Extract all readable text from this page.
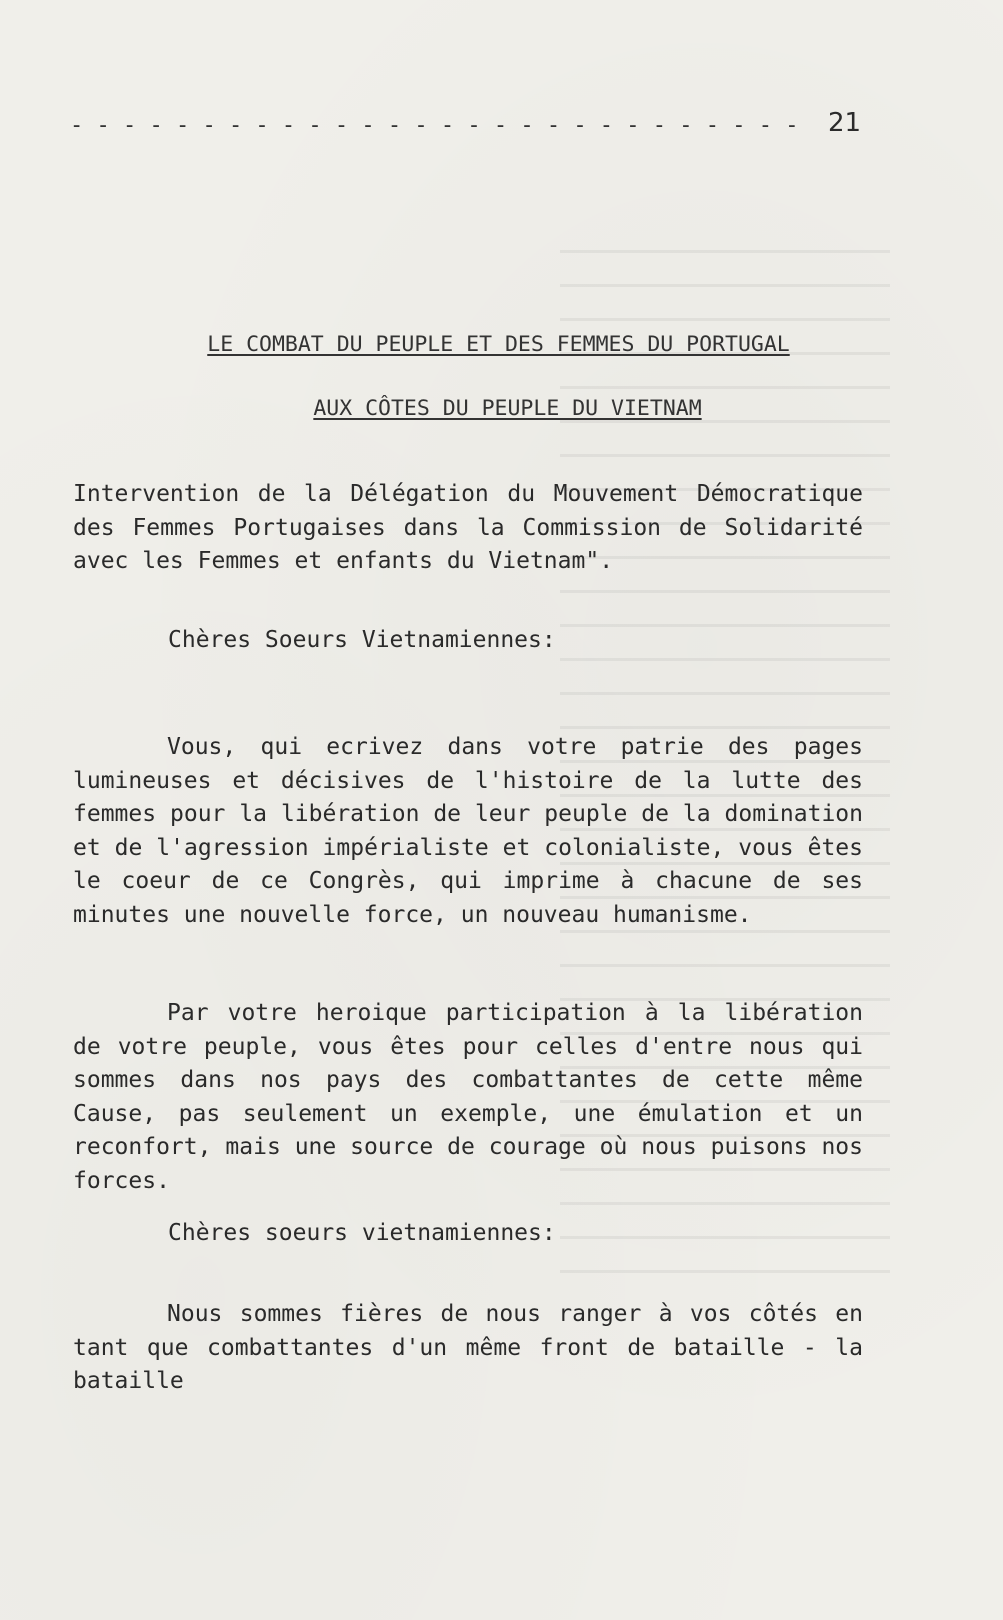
- - - - - - - - - - - - - - - - - - - - - - - - - - - -	21
LE COMBAT DU PEUPLE ET DES FEMMES DU PORTUGAL
AUX CÔTES DU PEUPLE DU VIETNAM
Intervention de la Délégation du Mouvement Démocratique des Femmes Portugaises dans la Commission de Solidarité avec les Femmes et enfants du Vietnam".
Chères Soeurs Vietnamiennes:
Vous, qui ecrivez dans votre patrie des pages lumineuses et décisives de l'histoire de la lutte des femmes pour la libération de leur peuple de la domination et de l'agression impérialiste et colonialiste, vous êtes le coeur de ce Congrès, qui imprime à chacune de ses minutes une nouvelle force, un nouveau humanisme.
Par votre heroique participation à la libération de votre peuple, vous êtes pour celles d'entre nous qui sommes dans nos pays des combattantes de cette même Cause, pas seulement un exemple, une émulation et un reconfort, mais une source de courage où nous puisons nos forces.
Chères soeurs vietnamiennes:
Nous sommes fières de nous ranger à vos côtés en tant que combattantes d'un même front de bataille - la bataille
